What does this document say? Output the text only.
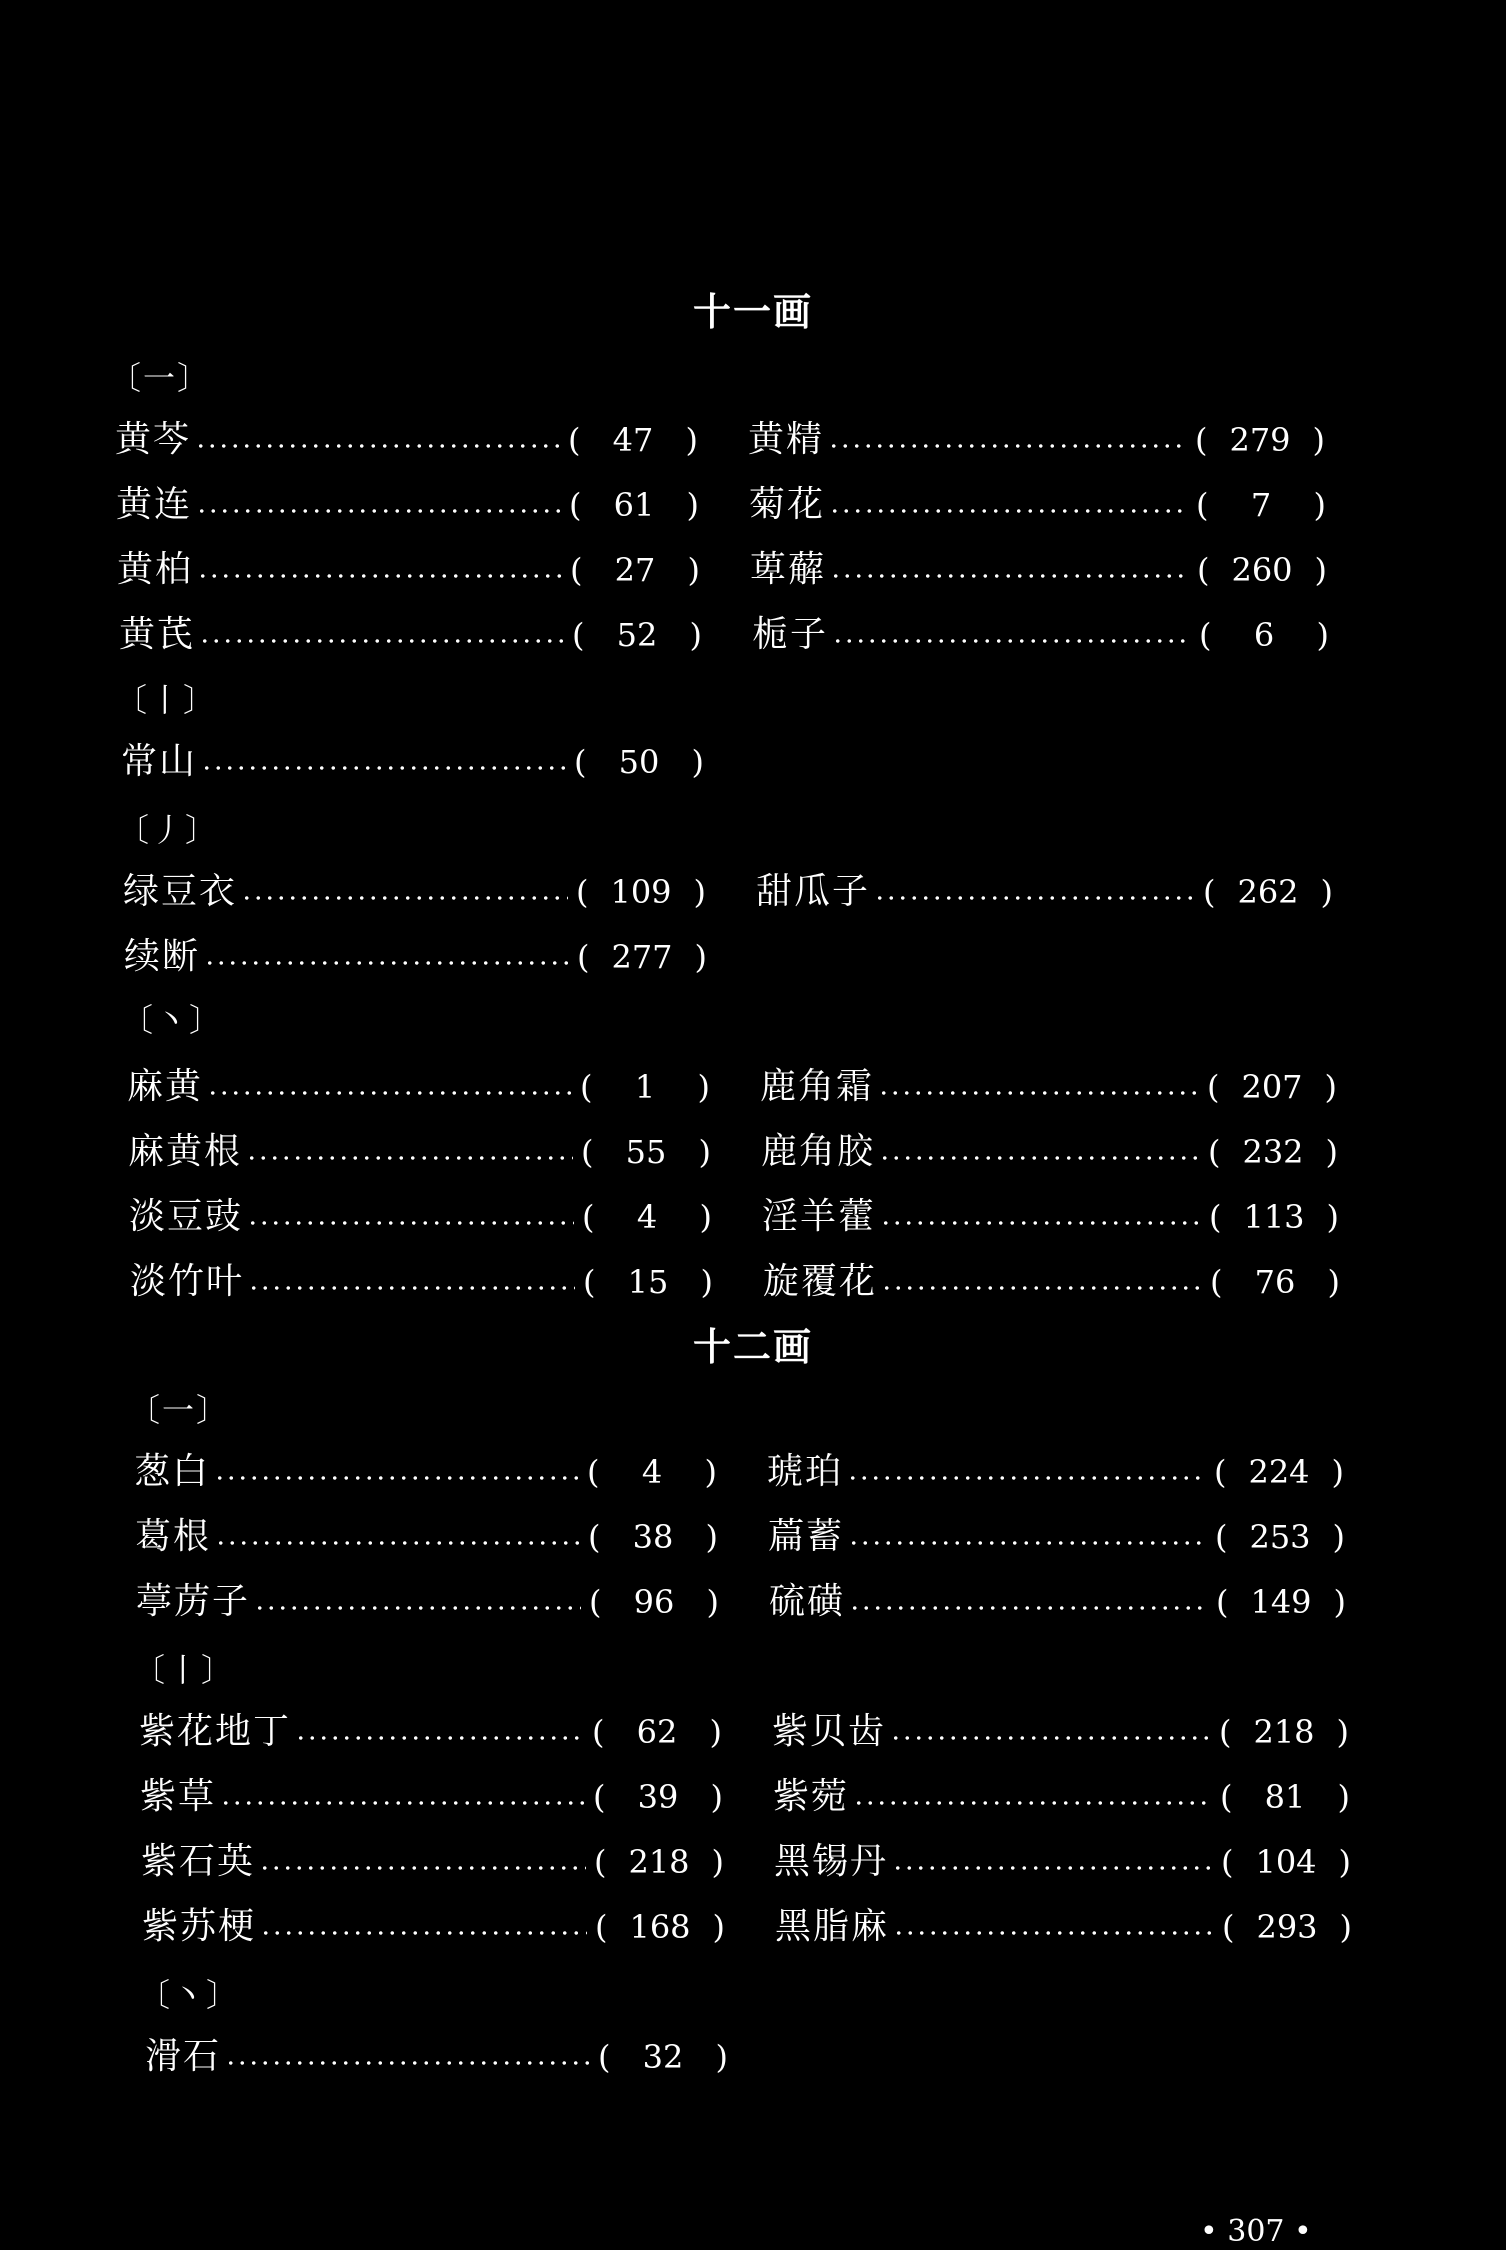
十一画
〔一〕
黄芩	(	47	) 黄精	( 279 )
黄连	(	61	) 菊花	(	7	)
黄柏	(	27	) 萆薢	( 260 )
黄芪	(	52	) 栀子	(	6	)
〔丨〕
常山	(	50	)
〔丿〕
绿豆衣	( 109 ) 甜瓜子	( 262 )
续断	( 277 )
〔丶〕
麻黄	(	1	) 鹿角霜	( 207 )
麻黄根	(	55	) 鹿角胶	( 232 )
淡豆豉	(	4	) 淫羊藿	( 113 )
淡竹叶	(	15	) 旋覆花	(	76	)
十二画
〔一〕
葱白	(	4	) 琥珀	( 224 )
葛根	(	38	) 萹蓄	( 253 )
葶苈子	(	96	) 硫磺	( 149 )
〔丨〕
紫花地丁	(	62	) 紫贝齿	( 218 )
紫草	(	39	) 紫菀	(	81	)
紫石英	( 218 ) 黑锡丹	( 104 )
紫苏梗	( 168 ) 黑脂麻	( 293 )
〔丶〕
滑石	(	32	)
• 307 •
